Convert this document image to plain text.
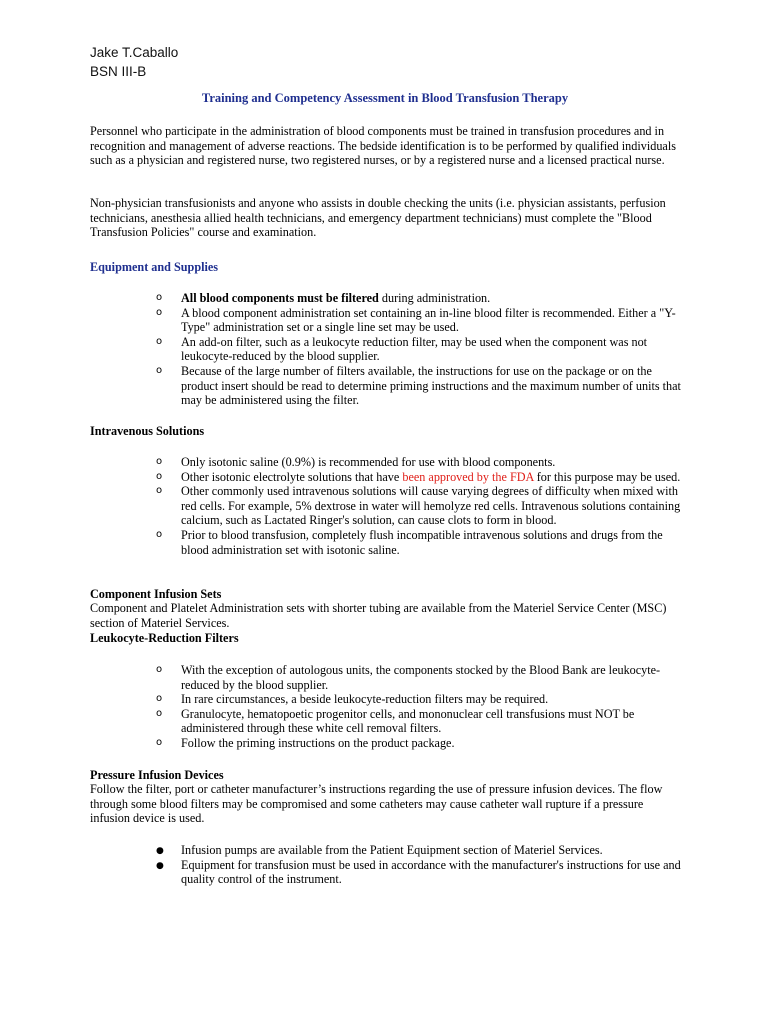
Jake T.Caballo
BSN III-B
Training and Competency Assessment in Blood Transfusion Therapy

Personnel who participate in the administration of blood components must be trained in transfusion procedures and in recognition and management of adverse reactions. The bedside identification is to be performed by qualified individuals such as a physician and registered nurse, two registered nurses, or by a registered nurse and a licensed practical nurse.

Non-physician transfusionists and anyone who assists in double checking the units (i.e. physician assistants, perfusion technicians, anesthesia allied health technicians, and emergency department technicians) must complete the "Blood Transfusion Policies" course and examination.

Equipment and Supplies
o	All blood components must be filtered during administration.
o	A blood component administration set containing an in-line blood filter is recommended. Either a "Y-Type" administration set or a single line set may be used.
o	An add-on filter, such as a leukocyte reduction filter, may be used when the component was not leukocyte-reduced by the blood supplier.
o	Because of the large number of filters available, the instructions for use on the package or on the product insert should be read to determine priming instructions and the maximum number of units that may be administered using the filter.
Intravenous Solutions
o	Only isotonic saline (0.9%) is recommended for use with blood components.
o	Other isotonic electrolyte solutions that have been approved by the FDA for this purpose may be used.
o	Other commonly used intravenous solutions will cause varying degrees of difficulty when mixed with red cells. For example, 5% dextrose in water will hemolyze red cells. Intravenous solutions containing calcium, such as Lactated Ringer's solution, can cause clots to form in blood.
o	Prior to blood transfusion, completely flush incompatible intravenous solutions and drugs from the blood administration set with isotonic saline.
Component Infusion Sets

Component and Platelet Administration sets with shorter tubing are available from the Materiel Service Center (MSC) section of Materiel Services.

Leukocyte-Reduction Filters
o	With the exception of autologous units, the components stocked by the Blood Bank are leukocyte-reduced by the blood supplier.
o	In rare circumstances, a beside leukocyte-reduction filters may be required.
o	Granulocyte, hematopoetic progenitor cells, and mononuclear cell transfusions must NOT be administered through these white cell removal filters.
o	Follow the priming instructions on the product package.
Pressure Infusion Devices

Follow the filter, port or catheter manufacturer’s instructions regarding the use of pressure infusion devices. The flow through some blood filters may be compromised and some catheters may cause catheter wall rupture if a pressure infusion device is used.

●	Infusion pumps are available from the Patient Equipment section of Materiel Services.
●	Equipment for transfusion must be used in accordance with the manufacturer's instructions for use and quality control of the instrument.
